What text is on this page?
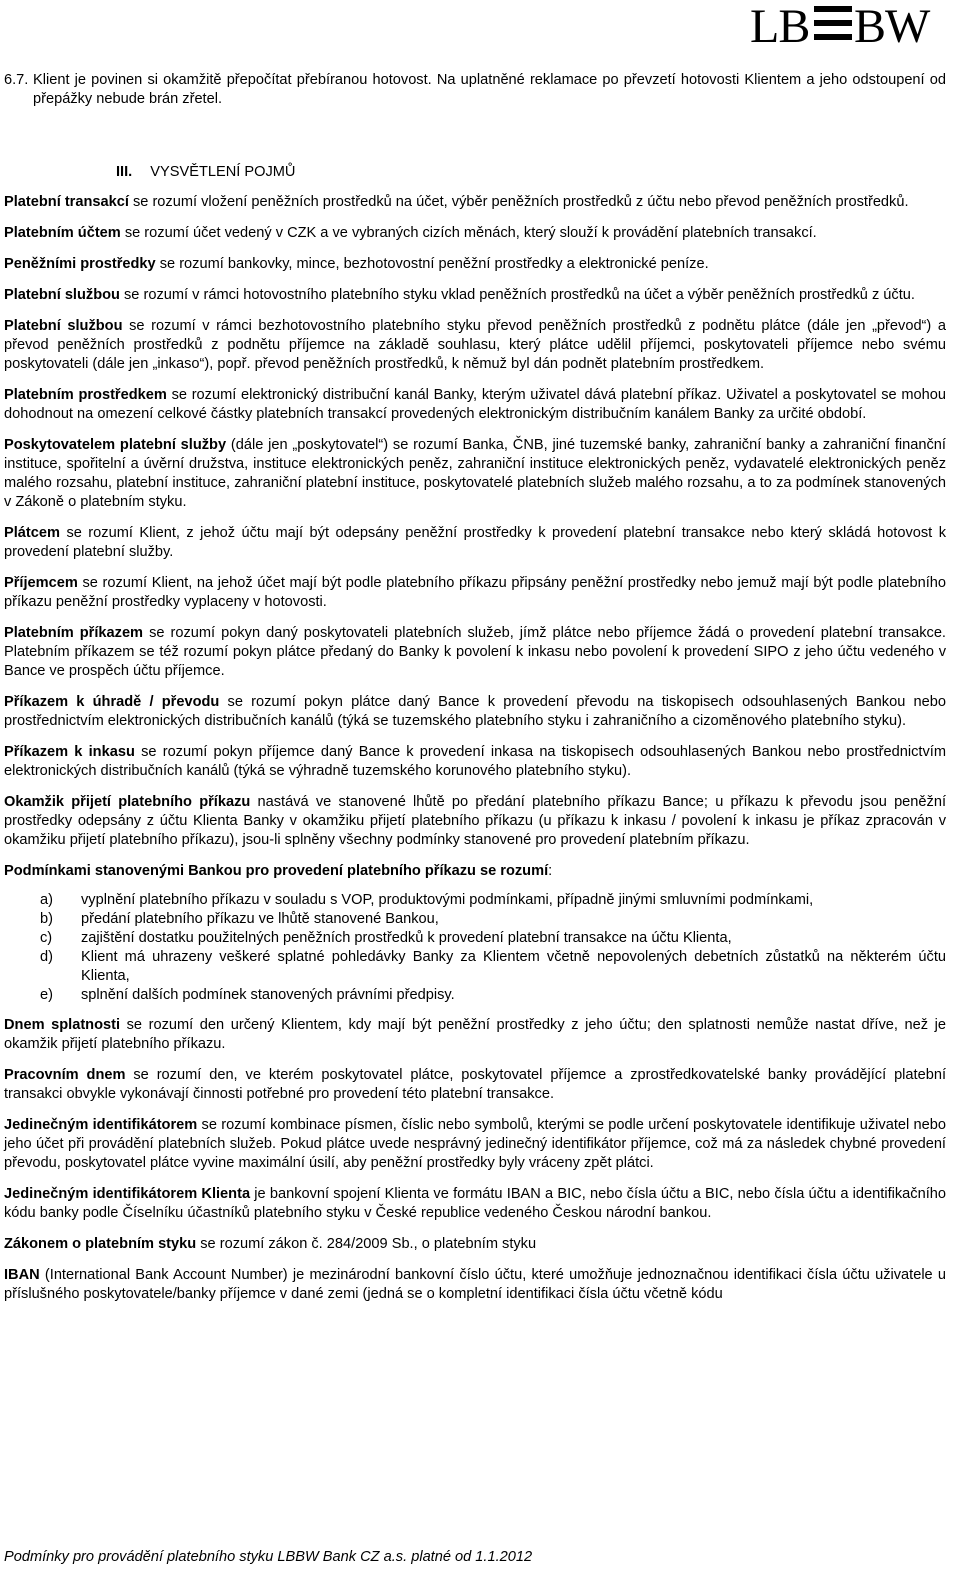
LB BW
6.7. Klient je povinen si okamžitě přepočítat přebíranou hotovost. Na uplatněné reklamace po převzetí hotovosti Klientem a jeho odstoupení od přepážky nebude brán zřetel.
III. VYSVĚTLENÍ POJMŮ

Platební transakcí se rozumí vložení peněžních prostředků na účet, výběr peněžních prostředků z účtu nebo převod peněžních prostředků.

Platebním účtem se rozumí účet vedený v CZK a ve vybraných cizích měnách, který slouží k provádění platebních transakcí.

Peněžními prostředky se rozumí bankovky, mince, bezhotovostní peněžní prostředky a elektronické peníze.

Platební službou se rozumí v rámci hotovostního platebního styku vklad peněžních prostředků na účet a výběr peněžních prostředků z účtu.

Platební službou se rozumí v rámci bezhotovostního platebního styku převod peněžních prostředků z podnětu plátce (dále jen „převod“) a převod peněžních prostředků z podnětu příjemce na základě souhlasu, který plátce udělil příjemci, poskytovateli příjemce nebo svému poskytovateli (dále jen „inkaso“), popř. převod peněžních prostředků, k němuž byl dán podnět platebním prostředkem.

Platebním prostředkem se rozumí elektronický distribuční kanál Banky, kterým uživatel dává platební příkaz. Uživatel a poskytovatel se mohou dohodnout na omezení celkové částky platebních transakcí provedených elektronickým distribučním kanálem Banky za určité období.

Poskytovatelem platební služby (dále jen „poskytovatel“) se rozumí Banka, ČNB, jiné tuzemské banky, zahraniční banky a zahraniční finanční instituce, spořitelní a úvěrní družstva, instituce elektronických peněz, zahraniční instituce elektronických peněz, vydavatelé elektronických peněz malého rozsahu, platební instituce, zahraniční platební instituce, poskytovatelé platebních služeb malého rozsahu, a to za podmínek stanovených v Zákoně o platebním styku.

Plátcem se rozumí Klient, z jehož účtu mají být odepsány peněžní prostředky k provedení platební transakce nebo který skládá hotovost k provedení platební služby.

Příjemcem se rozumí Klient, na jehož účet mají být podle platebního příkazu připsány peněžní prostředky nebo jemuž mají být podle platebního příkazu peněžní prostředky vyplaceny v hotovosti.

Platebním příkazem se rozumí pokyn daný poskytovateli platebních služeb, jímž plátce nebo příjemce žádá o provedení platební transakce. Platebním příkazem se též rozumí pokyn plátce předaný do Banky k povolení k inkasu nebo povolení k provedení SIPO z jeho účtu vedeného v Bance ve prospěch účtu příjemce.

Příkazem k úhradě / převodu se rozumí pokyn plátce daný Bance k provedení převodu na tiskopisech odsouhlasených Bankou nebo prostřednictvím elektronických distribučních kanálů (týká se tuzemského platebního styku i zahraničního a cizoměnového platebního styku).

Příkazem k inkasu se rozumí pokyn příjemce daný Bance k provedení inkasa na tiskopisech odsouhlasených Bankou nebo prostřednictvím elektronických distribučních kanálů (týká se výhradně tuzemského korunového platebního styku).

Okamžik přijetí platebního příkazu nastává ve stanovené lhůtě po předání platebního příkazu Bance; u příkazu k převodu jsou peněžní prostředky odepsány z účtu Klienta Banky v okamžiku přijetí platebního příkazu (u příkazu k inkasu / povolení k inkasu je příkaz zpracován v okamžiku přijetí platebního příkazu), jsou-li splněny všechny podmínky stanovené pro provedení platebním příkazu.

Podmínkami stanovenými Bankou pro provedení platebního příkazu se rozumí:

a)	vyplnění platebního příkazu v souladu s VOP, produktovými podmínkami, případně jinými smluvními podmínkami,
b)	předání platebního příkazu ve lhůtě stanovené Bankou,
c)	zajištění dostatku použitelných peněžních prostředků k provedení platební transakce na účtu Klienta,
d)	Klient má uhrazeny veškeré splatné pohledávky Banky za Klientem včetně nepovolených debetních zůstatků na některém účtu Klienta,
e)	splnění dalších podmínek stanovených právními předpisy.

Dnem splatnosti se rozumí den určený Klientem, kdy mají být peněžní prostředky z jeho účtu; den splatnosti nemůže nastat dříve, než je okamžik přijetí platebního příkazu.

Pracovním dnem se rozumí den, ve kterém poskytovatel plátce, poskytovatel příjemce a zprostředkovatelské banky provádějící platební transakci obvykle vykonávají činnosti potřebné pro provedení této platební transakce.

Jedinečným identifikátorem se rozumí kombinace písmen, číslic nebo symbolů, kterými se podle určení poskytovatele identifikuje uživatel nebo jeho účet při provádění platebních služeb. Pokud plátce uvede nesprávný jedinečný identifikátor příjemce, což má za následek chybné provedení převodu, poskytovatel plátce vyvine maximální úsilí, aby peněžní prostředky byly vráceny zpět plátci.

Jedinečným identifikátorem Klienta je bankovní spojení Klienta ve formátu IBAN a BIC, nebo čísla účtu a BIC, nebo čísla účtu a identifikačního kódu banky podle Číselníku účastníků platebního styku v České republice vedeného Českou národní bankou.

Zákonem o platebním styku se rozumí zákon č. 284/2009 Sb., o platebním styku

IBAN (International Bank Account Number) je mezinárodní bankovní číslo účtu, které umožňuje jednoznačnou identifikaci čísla účtu uživatele u příslušného poskytovatele/banky příjemce v dané zemi (jedná se o kompletní identifikaci čísla účtu včetně kódu

Podmínky pro provádění platebního styku LBBW Bank CZ a.s. platné od 1.1.2012
